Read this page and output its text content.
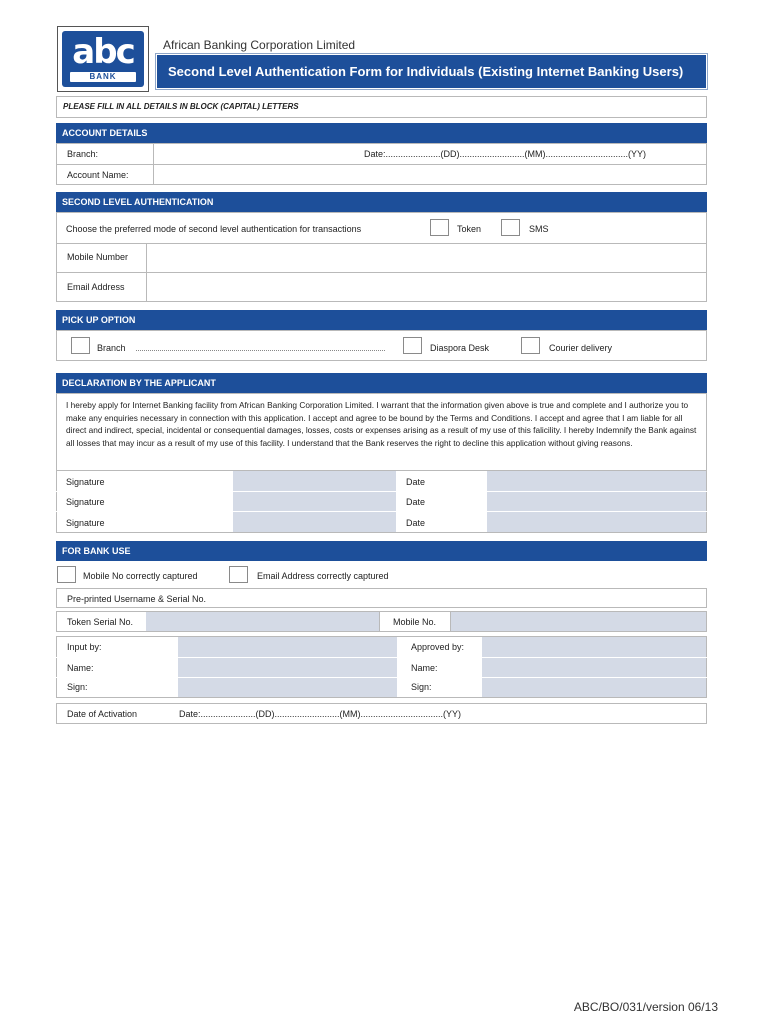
abc
BANK
African Banking Corporation Limited
Second Level Authentication Form for Individuals (Existing Internet Banking Users)
PLEASE FILL IN ALL DETAILS IN BLOCK (CAPITAL) LETTERS
ACCOUNT DETAILS
Branch:	Date:......................(DD)..........................(MM).................................(YY)
Account Name:
SECOND LEVEL AUTHENTICATION
Choose the preferred mode of second level authentication for transactions	Token	SMS
Mobile Number
Email Address
PICK UP OPTION
Branch	Diaspora Desk	Courier delivery
DECLARATION BY THE APPLICANT
I hereby apply for Internet Banking facility from African Banking Corporation Limited. I warrant that the information given above is true and complete and I authorize you to make any enquiries necessary in connection with this application. I accept and agree to be bound by the Terms and Conditions. I accept and agree that I am liable for all direct and indirect, special, incidental or consequential damages, losses, costs or expenses arising as a result of my use of this falicility. I hereby Indemnify the Bank against all losses that may incur as a result of my use of this facility. I understand that the Bank reserves the right to decline this application without giving reasons.
Signature	Date
Signature	Date
Signature	Date
FOR BANK USE
Mobile No correctly captured	Email Address correctly captured
Pre-printed Username & Serial No.
Token Serial No.	Mobile No.
Input by:	Approved by:
Name:	Name:
Sign:	Sign:
Date of Activation	Date:......................(DD)..........................(MM).................................(YY)
ABC/BO/031/version 06/13
